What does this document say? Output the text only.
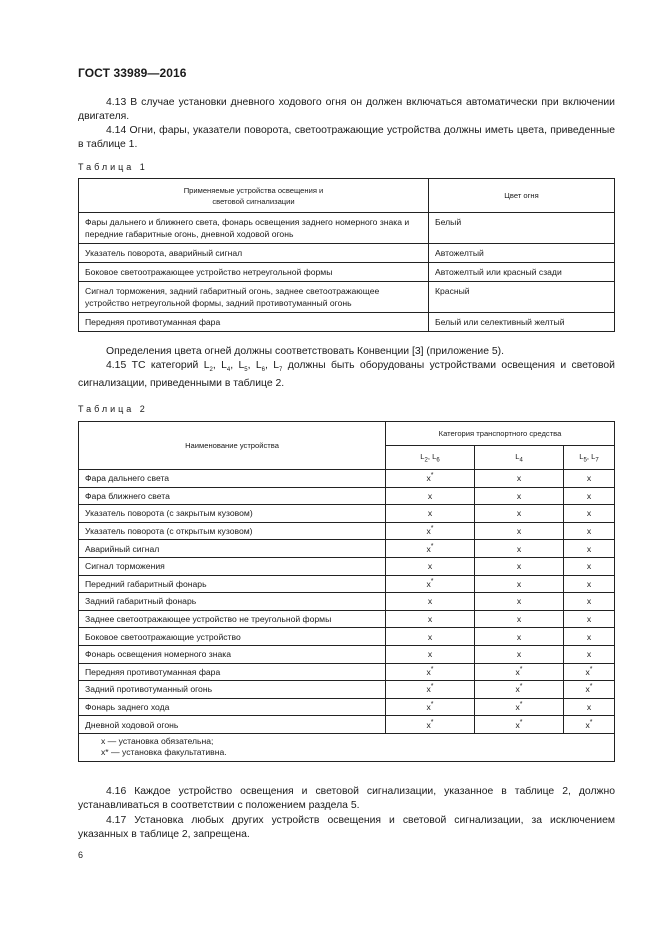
ГОСТ 33989—2016
4.13 В случае установки дневного ходового огня он должен включаться автоматически при включении двигателя.
4.14 Огни, фары, указатели поворота, светоотражающие устройства должны иметь цвета, приведенные в таблице 1.
Таблица 1
Применяемые устройства освещения и
световой сигнализации	Цвет огня
Фары дальнего и ближнего света, фонарь освещения заднего номерного знака и передние габаритные огонь, дневной ходовой огонь	Белый
Указатель поворота, аварийный сигнал	Автожелтый
Боковое светоотражающее устройство нетреугольной формы	Автожелтый или красный сзади
Сигнал торможения, задний габаритный огонь, заднее светоотражающее устройство нетреугольной формы, задний противотуманный огонь	Красный
Передняя противотуманная фара	Белый или селективный желтый
Определения цвета огней должны соответствовать Конвенции [3] (приложение 5).
4.15 ТС категорий $L_2$, $L_4$, $L_5$, $L_6$, $L_7$ должны быть оборудованы устройствами освещения и световой сигнализации, приведенными в таблице 2.
Таблица 2
Наименование устройства	Категория транспортного средства		
	$L_2$, $L_6$	$L_4$	$L_5$, $L_7$
Фара дальнего света	x*	x	x
Фара ближнего света	x	x	x
Указатель поворота (с закрытым кузовом)	x	x	x
Указатель поворота (с открытым кузовом)	x*	x	x
Аварийный сигнал	x*	x	x
Сигнал торможения	x	x	x
Передний габаритный фонарь	x*	x	x
Задний габаритный фонарь	x	x	x
Заднее светоотражающее устройство не треугольной формы	x	x	x
Боковое светоотражающие устройство	x	x	x
Фонарь освещения номерного знака	x	x	x
Передняя противотуманная фара	x*	x*	x*
Задний противотуманный огонь	x*	x*	x*
Фонарь заднего хода	x*	x*	x
Дневной ходовой огонь	x*	x*	x*

x — установка обязательна;
x* — установка факультативна.			
4.16 Каждое устройство освещения и световой сигнализации, указанное в таблице 2, должно устанавливаться в соответствии с положением раздела 5.
4.17 Установка любых других устройств освещения и световой сигнализации, за исключением указанных в таблице 2, запрещена.
6
